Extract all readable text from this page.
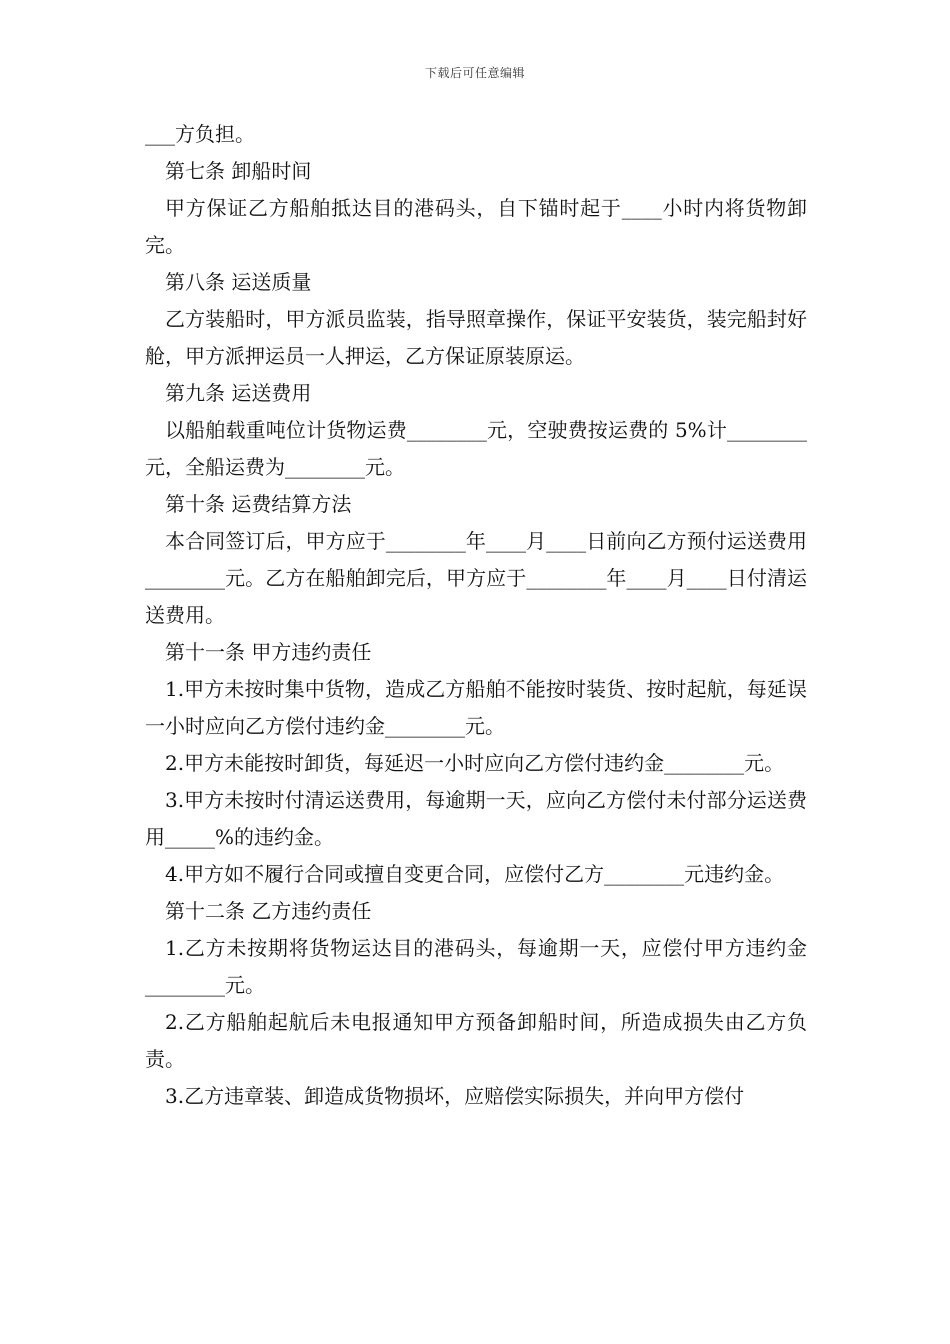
下载后可任意编辑

___方负担。

第七条 卸船时间

甲方保证乙方船舶抵达目的港码头，自下锚时起于____小时内将货物卸完。

第八条 运送质量

乙方装船时，甲方派员监装，指导照章操作，保证平安装货，装完船封好舱，甲方派押运员一人押运，乙方保证原装原运。

第九条 运送费用

以船舶载重吨位计货物运费________元，空驶费按运费的 5%计________元，全船运费为________元。

第十条 运费结算方法

本合同签订后，甲方应于________年____月____日前向乙方预付运送费用________元。乙方在船舶卸完后，甲方应于________年____月____日付清运送费用。

第十一条 甲方违约责任

1.甲方未按时集中货物，造成乙方船舶不能按时装货、按时起航，每延误一小时应向乙方偿付违约金________元。

2.甲方未能按时卸货，每延迟一小时应向乙方偿付违约金________元。

3.甲方未按时付清运送费用，每逾期一天，应向乙方偿付未付部分运送费用_____%的违约金。

4.甲方如不履行合同或擅自变更合同，应偿付乙方________元违约金。

第十二条 乙方违约责任

1.乙方未按期将货物运达目的港码头，每逾期一天，应偿付甲方违约金________元。

2.乙方船舶起航后未电报通知甲方预备卸船时间，所造成损失由乙方负责。

3.乙方违章装、卸造成货物损坏，应赔偿实际损失，并向甲方偿付
